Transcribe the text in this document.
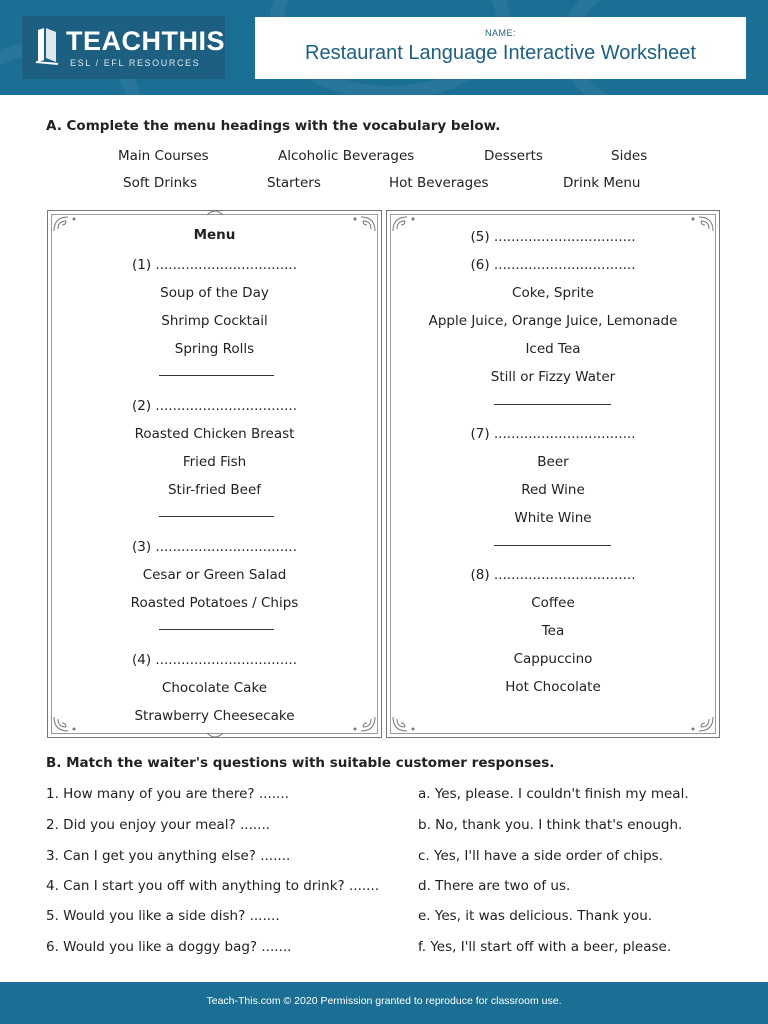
TEACHTHIS
ESL / EFL RESOURCES
NAME:
Restaurant Language Interactive Worksheet
A. Complete the menu headings with the vocabulary below.
Main Courses	Alcoholic Beverages	Desserts	Sides
Soft Drinks	Starters	Hot Beverages	Drink Menu
Menu
(1) .................................
Soup of the Day
Shrimp Cocktail
Spring Rolls
(2) .................................
Roasted Chicken Breast
Fried Fish
Stir-fried Beef
(3) .................................
Cesar or Green Salad
Roasted Potatoes / Chips
(4) .................................
Chocolate Cake
Strawberry Cheesecake
(5) .................................
(6) .................................
Coke, Sprite
Apple Juice, Orange Juice, Lemonade
Iced Tea
Still or Fizzy Water
(7) .................................
Beer
Red Wine
White Wine
(8) .................................
Coffee
Tea
Cappuccino
Hot Chocolate
B. Match the waiter's questions with suitable customer responses.
1. How many of you are there? .......
2. Did you enjoy your meal? .......
3. Can I get you anything else? .......
4. Can I start you off with anything to drink? .......
5. Would you like a side dish? .......
6. Would you like a doggy bag? .......
a. Yes, please. I couldn't finish my meal.
b. No, thank you. I think that's enough.
c. Yes, I'll have a side order of chips.
d. There are two of us.
e. Yes, it was delicious. Thank you.
f. Yes, I'll start off with a beer, please.
Teach-This.com © 2020 Permission granted to reproduce for classroom use.
